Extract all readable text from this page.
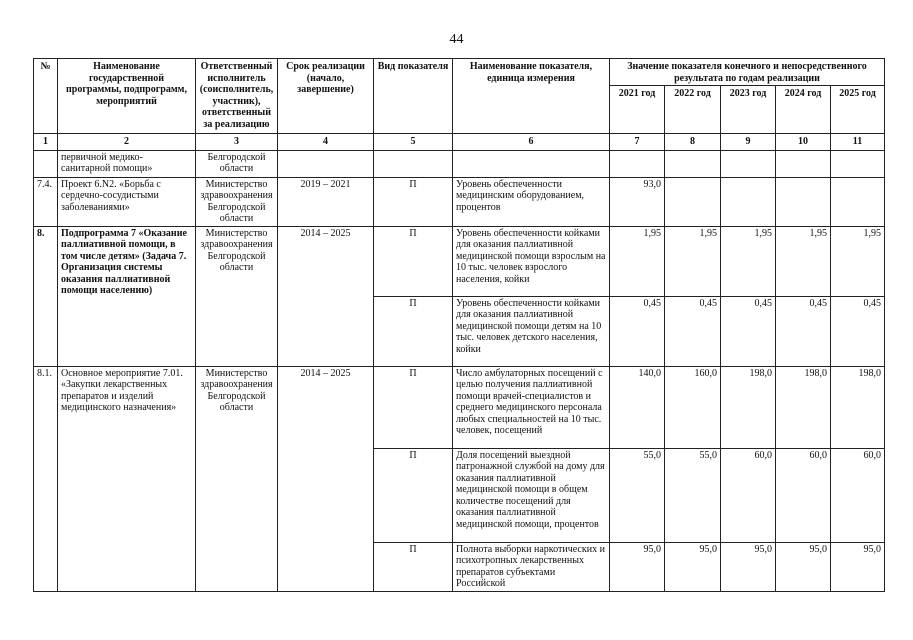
44
№	Наименование государственной программы, подпрограмм, мероприятий	Ответственный исполнитель (соисполнитель, участник), ответственный за реализацию	Срок реализации (начало, завершение)	Вид показателя	Наименование показателя, единица измерения	Значение показателя конечного и непосредственного результата по годам реализации				
						2021 год	2022 год	2023 год	2024 год	2025 год
1	2	3	4	5	6	7	8	9	10	11
	первичной медико-санитарной помощи»	Белгородской области								
7.4.	Проект 6.N2. «Борьба с сердечно-сосудистыми заболеваниями»	Министерство здравоохранения Белгородской области	2019 – 2021	П	Уровень обеспеченности медицинским оборудованием, процентов	93,0				
8.	Подпрограмма 7 «Оказание паллиативной помощи, в том числе детям» (Задача 7. Организация системы оказания паллиативной помощи населению)	Министерство здравоохранения Белгородской области	2014 – 2025	П	Уровень обеспеченности койками для оказания паллиативной медицинской помощи взрослым на 10 тыс. человек взрослого населения, койки	1,95	1,95	1,95	1,95	1,95
				П	Уровень обеспеченности койками для оказания паллиативной медицинской помощи детям на 10 тыс. человек детского населения, койки	0,45	0,45	0,45	0,45	0,45
8.1.	Основное мероприятие 7.01. «Закупки лекарственных препаратов и изделий медицинского назначения»	Министерство здравоохранения Белгородской области	2014 – 2025	П	Число амбулаторных посещений с целью получения паллиативной помощи врачей-специалистов и среднего медицинского персонала любых специальностей на 10 тыс. человек, посещений	140,0	160,0	198,0	198,0	198,0
				П	Доля посещений выездной патронажной службой на дому для оказания паллиативной медицинской помощи в общем количестве посещений для оказания паллиативной медицинской помощи, процентов	55,0	55,0	60,0	60,0	60,0
				П	Полнота выборки наркотических и психотропных лекарственных препаратов субъектами Российской	95,0	95,0	95,0	95,0	95,0
